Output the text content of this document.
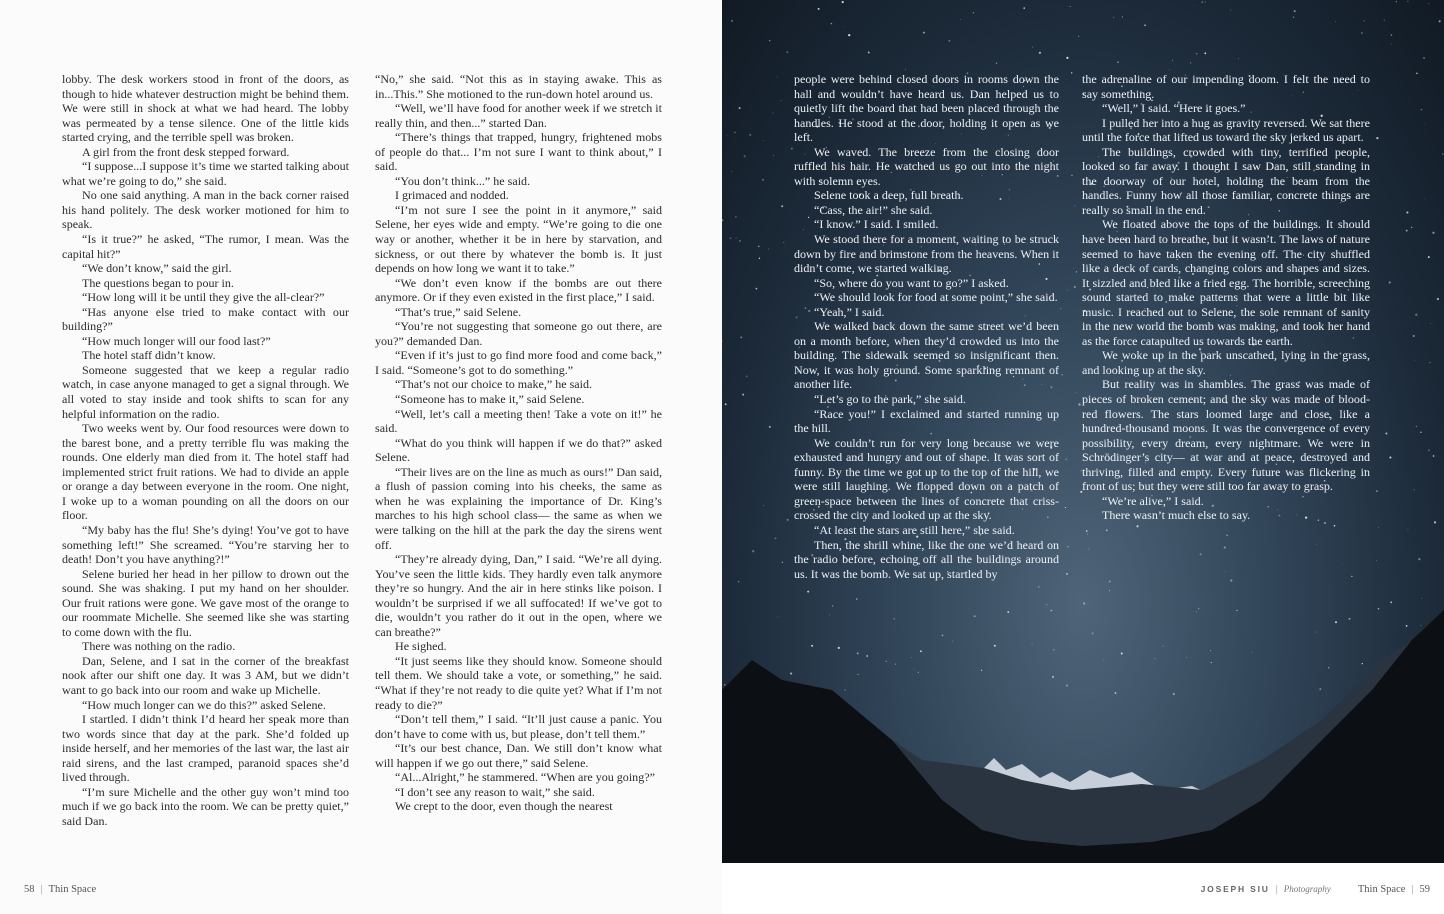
lobby. The desk workers stood in front of the doors, as though to hide whatever destruction might be behind them. We were still in shock at what we had heard. The lobby was permeated by a tense silence. One of the little kids started crying, and the terrible spell was broken.

A girl from the front desk stepped forward.

“I suppose...I suppose it’s time we started talking about what we’re going to do,” she said.

No one said anything. A man in the back corner raised his hand politely. The desk worker motioned for him to speak.

“Is it true?” he asked, “The rumor, I mean. Was the capital hit?”

“We don’t know,” said the girl.

The questions began to pour in.

“How long will it be until they give the all-clear?”

“Has anyone else tried to make contact with our building?”

“How much longer will our food last?”

The hotel staff didn’t know.

Someone suggested that we keep a regular radio watch, in case anyone managed to get a signal through. We all voted to stay inside and took shifts to scan for any helpful information on the radio.

Two weeks went by. Our food resources were down to the barest bone, and a pretty terrible flu was making the rounds. One elderly man died from it. The hotel staff had implemented strict fruit rations. We had to divide an apple or orange a day between everyone in the room. One night, I woke up to a woman pounding on all the doors on our floor.

“My baby has the flu! She’s dying! You’ve got to have something left!” She screamed. “You’re starving her to death! Don’t you have anything?!”

Selene buried her head in her pillow to drown out the sound. She was shaking. I put my hand on her shoulder. Our fruit rations were gone. We gave most of the orange to our roommate Michelle. She seemed like she was starting to come down with the flu.

There was nothing on the radio.

Dan, Selene, and I sat in the corner of the breakfast nook after our shift one day. It was 3 AM, but we didn’t want to go back into our room and wake up Michelle.

“How much longer can we do this?” asked Selene.

I startled. I didn’t think I’d heard her speak more than two words since that day at the park. She’d folded up inside herself, and her memories of the last war, the last air raid sirens, and the last cramped, paranoid spaces she’d lived through.

“I’m sure Michelle and the other guy won’t mind too much if we go back into the room. We can be pretty quiet,” said Dan.

“No,” she said. “Not this as in staying awake. This as in...This.” She motioned to the run-down hotel around us.

“Well, we’ll have food for another week if we stretch it really thin, and then...” started Dan.

“There’s things that trapped, hungry, frightened mobs of people do that... I’m not sure I want to think about,” I said.

“You don’t think...” he said.

I grimaced and nodded.

“I’m not sure I see the point in it anymore,” said Selene, her eyes wide and empty. “We’re going to die one way or another, whether it be in here by starvation, and sickness, or out there by whatever the bomb is. It just depends on how long we want it to take.”

“We don’t even know if the bombs are out there anymore. Or if they even existed in the first place,” I said.

“That’s true,” said Selene.

“You’re not suggesting that someone go out there, are you?” demanded Dan.

“Even if it’s just to go find more food and come back,” I said. “Someone’s got to do something.”

“That’s not our choice to make,” he said.

“Someone has to make it,” said Selene.

“Well, let’s call a meeting then! Take a vote on it!” he said.

“What do you think will happen if we do that?” asked Selene.

“Their lives are on the line as much as ours!” Dan said, a flush of passion coming into his cheeks, the same as when he was explaining the importance of Dr. King’s marches to his high school class— the same as when we were talking on the hill at the park the day the sirens went off.

“They’re already dying, Dan,” I said. “We’re all dying. You’ve seen the little kids. They hardly even talk anymore they’re so hungry. And the air in here stinks like poison. I wouldn’t be surprised if we all suffocated! If we’ve got to die, wouldn’t you rather do it out in the open, where we can breathe?”

He sighed.

“It just seems like they should know. Someone should tell them. We should take a vote, or something,” he said. “What if they’re not ready to die quite yet? What if I’m not ready to die?”

“Don’t tell them,” I said. “It’ll just cause a panic. You don’t have to come with us, but please, don’t tell them.”

“It’s our best chance, Dan. We still don’t know what will happen if we go out there,” said Selene.

“Al...Alright,” he stammered. “When are you going?”

“I don’t see any reason to wait,” she said.

We crept to the door, even though the nearest

58 | Thin Space

people were behind closed doors in rooms down the hall and wouldn’t have heard us. Dan helped us to quietly lift the board that had been placed through the handles. He stood at the door, holding it open as we left.

We waved. The breeze from the closing door ruffled his hair. He watched us go out into the night with solemn eyes.

Selene took a deep, full breath.

“Cass, the air!” she said.

“I know.” I said. I smiled.

We stood there for a moment, waiting to be struck down by fire and brimstone from the heavens. When it didn’t come, we started walking.

“So, where do you want to go?” I asked.

“We should look for food at some point,” she said.

“Yeah,” I said.

We walked back down the same street we’d been on a month before, when they’d crowded us into the building. The sidewalk seemed so insignificant then. Now, it was holy ground. Some sparkling remnant of another life.

“Let’s go to the park,” she said.

“Race you!” I exclaimed and started running up the hill.

We couldn’t run for very long because we were exhausted and hungry and out of shape. It was sort of funny. By the time we got up to the top of the hill, we were still laughing. We flopped down on a patch of green-space between the lines of concrete that criss-crossed the city and looked up at the sky.

“At least the stars are still here,” she said.

Then, the shrill whine, like the one we’d heard on the radio before, echoing off all the buildings around us. It was the bomb. We sat up, startled by

the adrenaline of our impending doom. I felt the need to say something.

“Well,” I said. “Here it goes.”

I pulled her into a hug as gravity reversed. We sat there until the force that lifted us toward the sky jerked us apart.

The buildings, crowded with tiny, terrified people, looked so far away. I thought I saw Dan, still standing in the doorway of our hotel, holding the beam from the handles. Funny how all those familiar, concrete things are really so small in the end.

We floated above the tops of the buildings. It should have been hard to breathe, but it wasn’t. The laws of nature seemed to have taken the evening off. The city shuffled like a deck of cards, changing colors and shapes and sizes. It sizzled and bled like a fried egg. The horrible, screeching sound started to make patterns that were a little bit like music. I reached out to Selene, the sole remnant of sanity in the new world the bomb was making, and took her hand as the force catapulted us towards the earth.

We woke up in the park unscathed, lying in the grass, and looking up at the sky.

But reality was in shambles. The grass was made of pieces of broken cement; and the sky was made of blood-red flowers. The stars loomed large and close, like a hundred-thousand moons. It was the convergence of every possibility, every dream, every nightmare. We were in Schrödinger’s city— at war and at peace, destroyed and thriving, filled and empty. Every future was flickering in front of us; but they were still too far away to grasp.

“We’re alive,” I said.

There wasn’t much else to say.

JOSEPH SIU | Photography	Thin Space | 59
